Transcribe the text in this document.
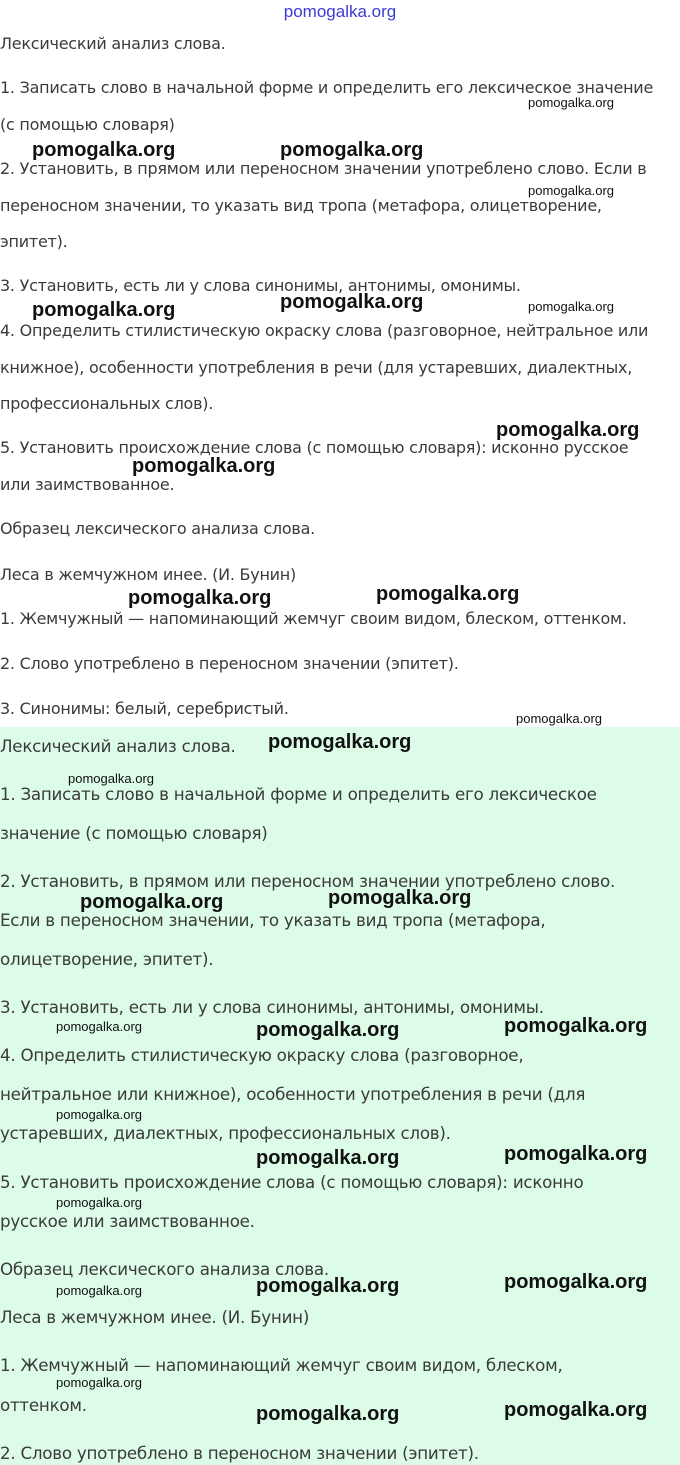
Лексический анализ слова.

1. Записать слово в начальной форме и определить его лексическое значение

(с помощью словаря)

2. Установить, в прямом или переносном значении употреблено слово. Если в

переносном значении, то указать вид тропа (метафора, олицетворение,

эпитет).

3. Установить, есть ли у слова синонимы, антонимы, омонимы.

4. Определить стилистическую окраску слова (разговорное, нейтральное или

книжное), особенности употребления в речи (для устаревших, диалектных,

профессиональных слов).

5. Установить происхождение слова (с помощью словаря): исконно русское

или заимствованное.

Образец лексического анализа слова.

Леса в жемчужном инее. (И. Бунин)

1. Жемчужный — напоминающий жемчуг своим видом, блеском, оттенком.

2. Слово употреблено в переносном значении (эпитет).

3. Синонимы: белый, серебристый.

Лексический анализ слова.

1. Записать слово в начальной форме и определить его лексическое

значение (с помощью словаря)

2. Установить, в прямом или переносном значении употреблено слово.

Если в переносном значении, то указать вид тропа (метафора,

олицетворение, эпитет).

3. Установить, есть ли у слова синонимы, антонимы, омонимы.

4. Определить стилистическую окраску слова (разговорное,

нейтральное или книжное), особенности употребления в речи (для

устаревших, диалектных, профессиональных слов).

5. Установить происхождение слова (с помощью словаря): исконно

русское или заимствованное.

Образец лексического анализа слова.

Леса в жемчужном инее. (И. Бунин)

1. Жемчужный — напоминающий жемчуг своим видом, блеском,

оттенком.

2. Слово употреблено в переносном значении (эпитет).

pomogalka.org
pomogalka.org
pomogalka.org	pomogalka.org
pomogalka.org
pomogalka.org	pomogalka.org	pomogalka.org
pomogalka.org
pomogalka.org
pomogalka.org	pomogalka.org
pomogalka.org
pomogalka.org
pomogalka.org
pomogalka.org	pomogalka.org
pomogalka.org	pomogalka.org	pomogalka.org
pomogalka.org
pomogalka.org	pomogalka.org
pomogalka.org
pomogalka.org	pomogalka.org
pomogalka.org
pomogalka.org
pomogalka.org	pomogalka.org
